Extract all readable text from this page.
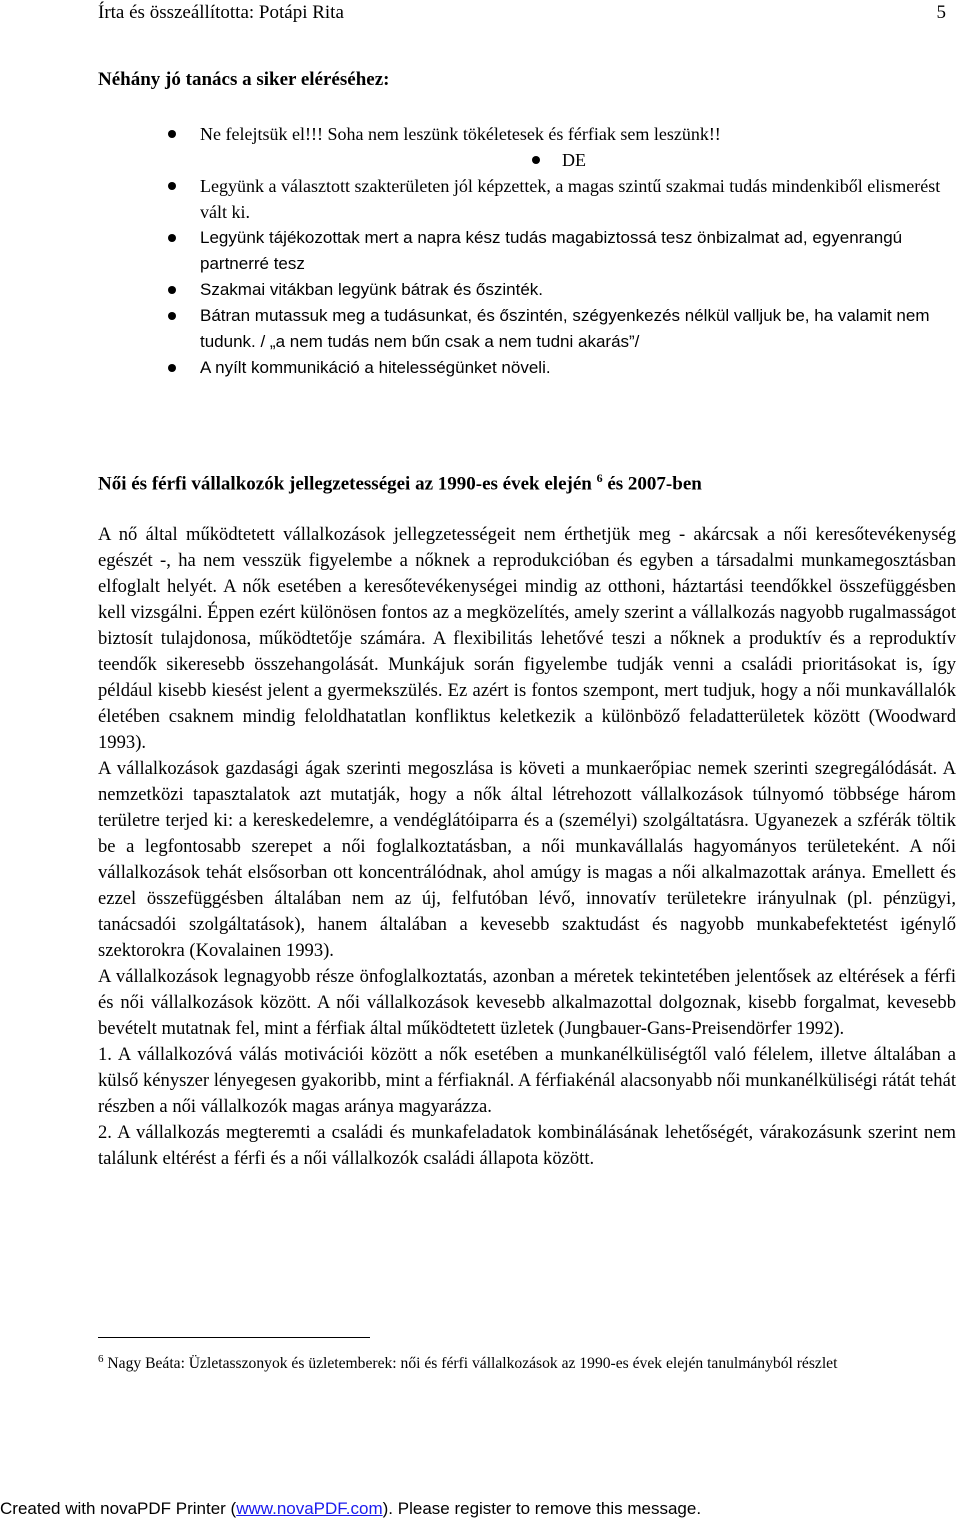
Írta és összeállította: Potápi Rita	5
Néhány jó tanács a siker eléréséhez:
Ne felejtsük el!!! Soha nem leszünk tökéletesek és férfiak sem leszünk!!
DE
Legyünk a választott szakterületen jól képzettek, a magas szintű szakmai tudás mindenkiből elismerést vált ki.
Legyünk tájékozottak mert a napra kész tudás magabiztossá tesz önbizalmat ad, egyenrangú partnerré tesz
Szakmai vitákban legyünk bátrak és őszinték.
Bátran mutassuk meg a tudásunkat, és őszintén, szégyenkezés nélkül valljuk be, ha valamit nem tudunk. / „a nem tudás nem bűn csak a nem tudni akarás”/
A nyílt kommunikáció a hitelességünket növeli.
Női és férfi vállalkozók jellegzetességei az 1990-es évek elején $^6$ és 2007-ben

A nő által működtetett vállalkozások jellegzetességeit nem érthetjük meg - akárcsak a női keresőtevékenység egészét -, ha nem vesszük figyelembe a nőknek a reprodukcióban és egyben a társadalmi munkamegosztásban elfoglalt helyét. A nők esetében a keresőtevékenységei mindig az otthoni, háztartási teendőkkel összefüggésben kell vizsgálni. Éppen ezért különösen fontos az a megközelítés, amely szerint a vállalkozás nagyobb rugalmasságot biztosít tulajdonosa, működtetője számára. A flexibilitás lehetővé teszi a nőknek a produktív és a reproduktív teendők sikeresebb összehangolását. Munkájuk során figyelembe tudják venni a családi prioritásokat is, így például kisebb kiesést jelent a gyermekszülés. Ez azért is fontos szempont, mert tudjuk, hogy a női munkavállalók életében csaknem mindig feloldhatatlan konfliktus keletkezik a különböző feladatterületek között (Woodward 1993).

A vállalkozások gazdasági ágak szerinti megoszlása is követi a munkaerőpiac nemek szerinti szegregálódását. A nemzetközi tapasztalatok azt mutatják, hogy a nők által létrehozott vállalkozások túlnyomó többsége három területre terjed ki: a kereskedelemre, a vendéglátóiparra és a (személyi) szolgáltatásra. Ugyanezek a szférák töltik be a legfontosabb szerepet a női foglalkoztatásban, a női munkavállalás hagyományos területeként. A női vállalkozások tehát elsősorban ott koncentrálódnak, ahol amúgy is magas a női alkalmazottak aránya. Emellett és ezzel összefüggésben általában nem az új, felfutóban lévő, innovatív területekre irányulnak (pl. pénzügyi, tanácsadói szolgáltatások), hanem általában a kevesebb szaktudást és nagyobb munkabefektetést igénylő szektorokra (Kovalainen 1993).

A vállalkozások legnagyobb része önfoglalkoztatás, azonban a méretek tekintetében jelentősek az eltérések a férfi és női vállalkozások között. A női vállalkozások kevesebb alkalmazottal dolgoznak, kisebb forgalmat, kevesebb bevételt mutatnak fel, mint a férfiak által működtetett üzletek (Jungbauer-Gans-Preisendörfer 1992).

1. A vállalkozóvá válás motivációi között a nők esetében a munkanélküliségtől való félelem, illetve általában a külső kényszer lényegesen gyakoribb, mint a férfiaknál. A férfiakénál alacsonyabb női munkanélküliségi rátát tehát részben a női vállalkozók magas aránya magyarázza.

2. A vállalkozás megteremti a családi és munkafeladatok kombinálásának lehetőségét, várakozásunk szerint nem találunk eltérést a férfi és a női vállalkozók családi állapota között.

$^6$ Nagy Beáta: Üzletasszonyok és üzletemberek: női és férfi vállalkozások az 1990-es évek elején tanulmányból részlet
Created with novaPDF Printer (www.novaPDF.com). Please register to remove this message.
